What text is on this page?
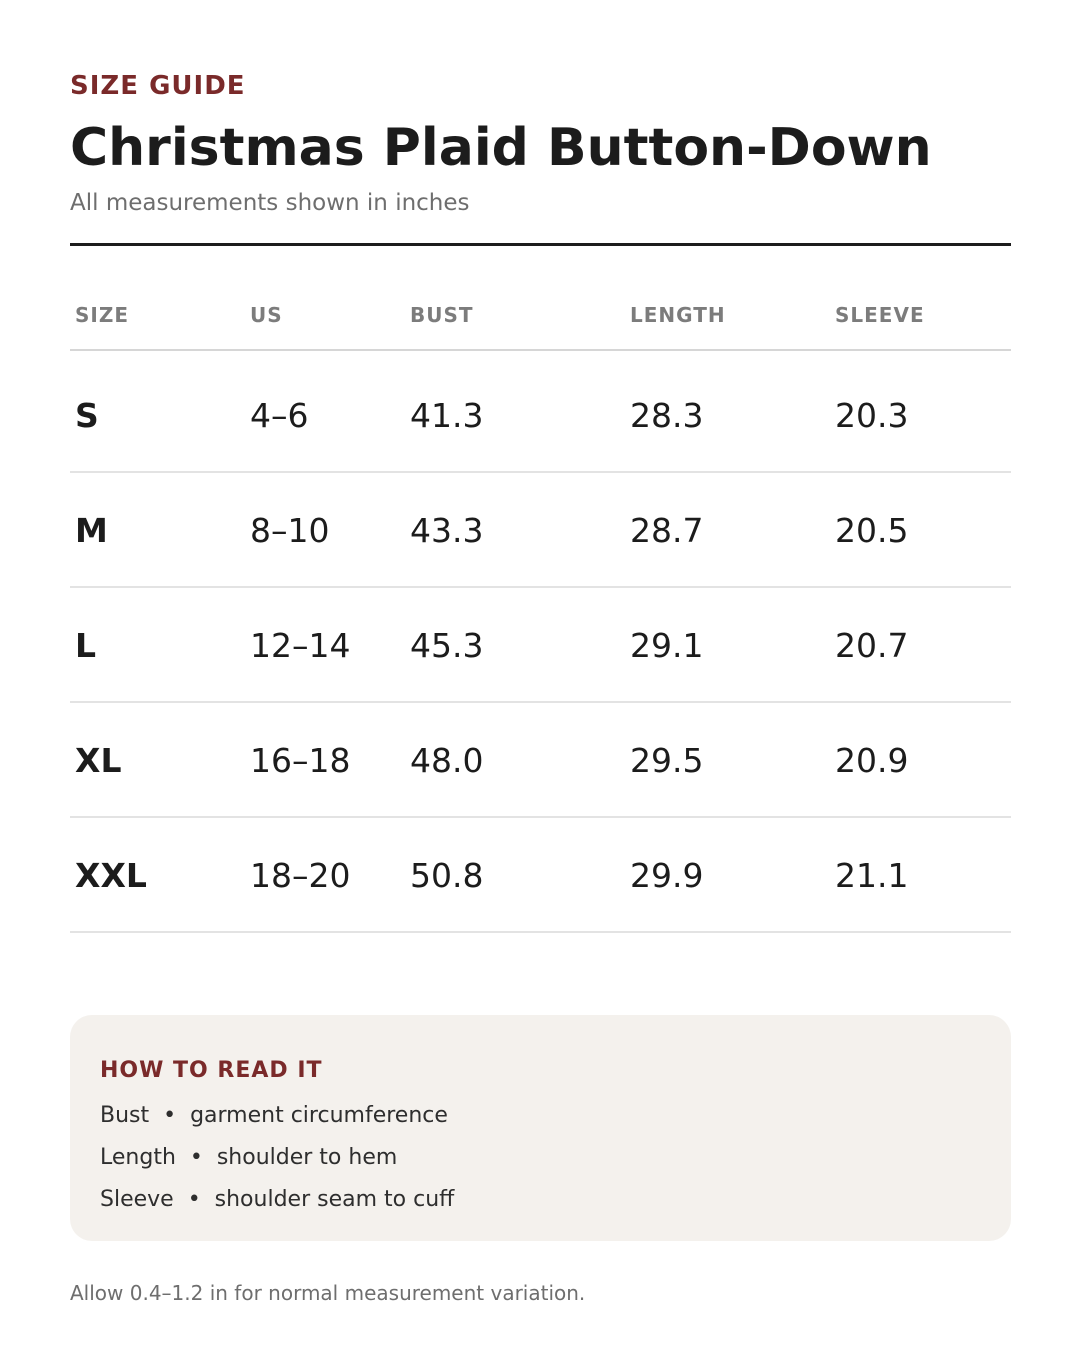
SIZE GUIDE
Christmas Plaid Button-Down
All measurements shown in inches
SIZE	US	BUST	LENGTH	SLEEVE
S	4–6	41.3	28.3	20.3
M	8–10 43.3	28.7	20.5
L	12–14 45.3	29.1	20.7
XL	16–18 48.0	29.5	20.9
XXL	18–20 50.8	29.9	21.1
HOW TO READ IT
Bust  •  garment circumference
Length  •  shoulder to hem
Sleeve  •  shoulder seam to cuff
Allow 0.4–1.2 in for normal measurement variation.
